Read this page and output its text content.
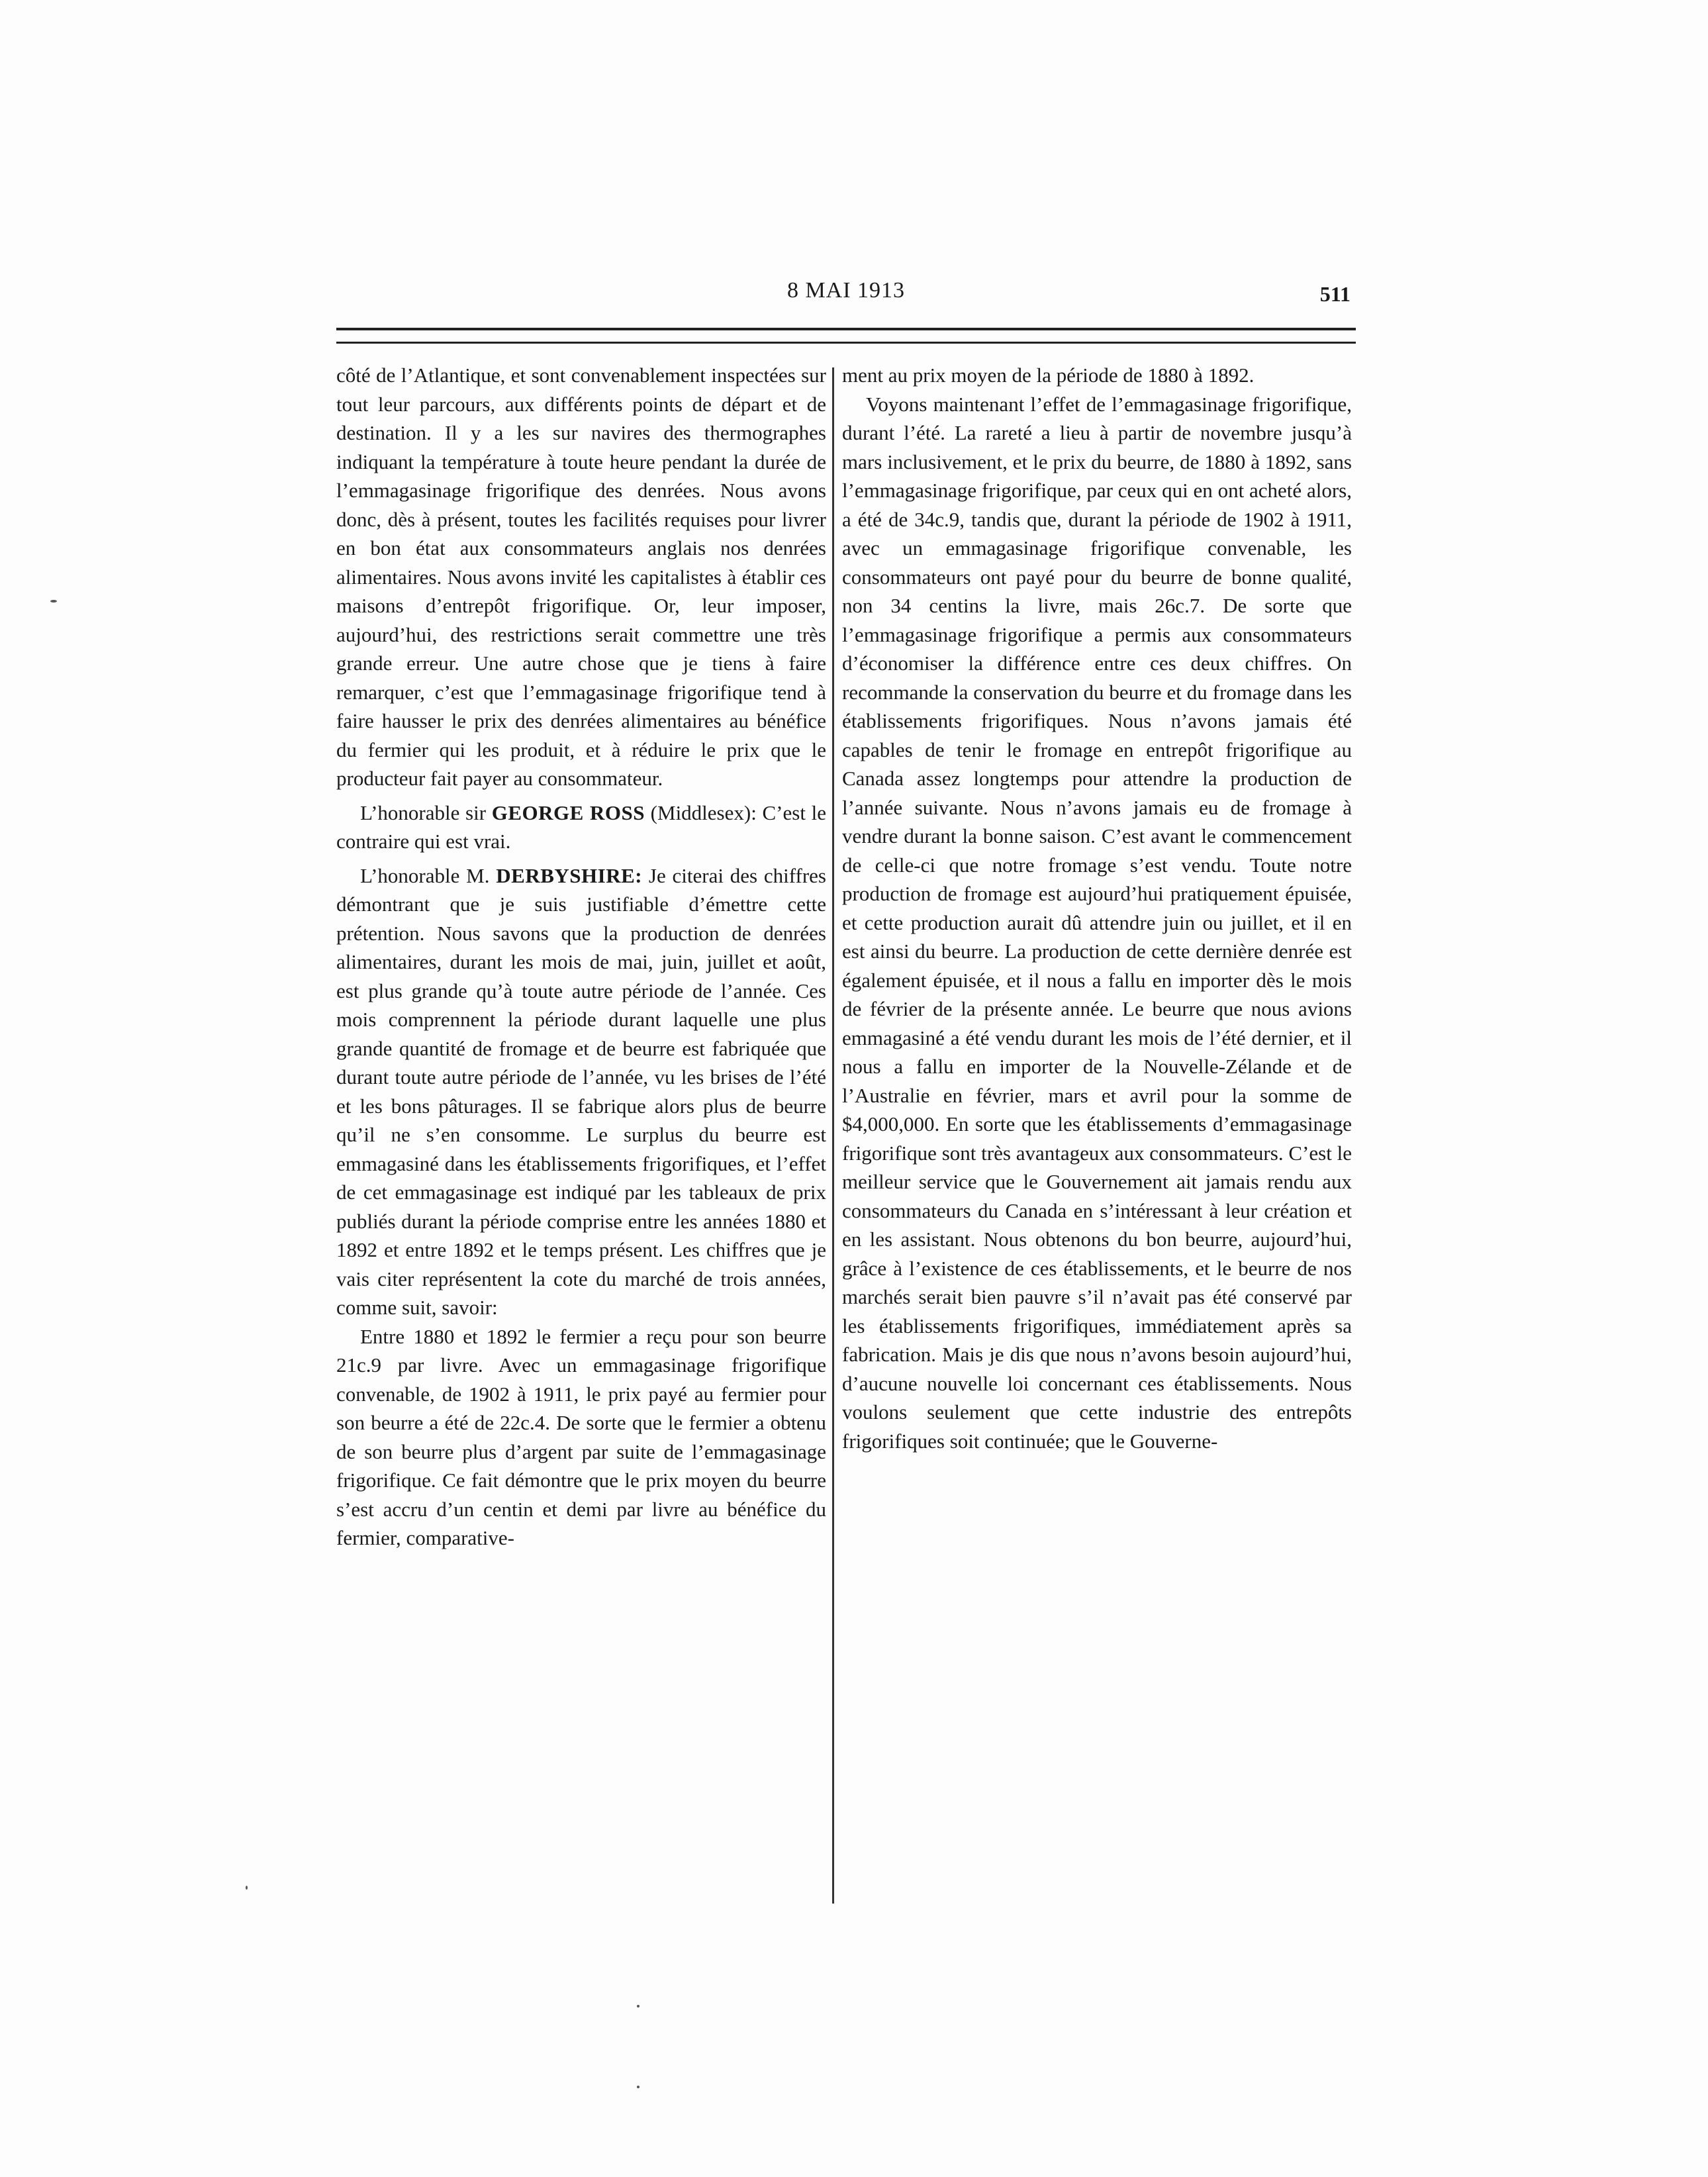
8 MAI 1913	511

côté de l’Atlantique, et sont convenablement inspectées sur tout leur parcours, aux différents points de départ et de destination. Il y a les sur navires des thermographes indiquant la température à toute heure pendant la durée de l’emmagasinage frigorifique des denrées. Nous avons donc, dès à présent, toutes les facilités requises pour livrer en bon état aux consommateurs anglais nos denrées alimentaires. Nous avons invité les capitalistes à établir ces maisons d’entrepôt frigorifique. Or, leur imposer, aujourd’hui, des restrictions serait commettre une très grande erreur. Une autre chose que je tiens à faire remarquer, c’est que l’emmagasinage frigorifique tend à faire hausser le prix des denrées alimentaires au bénéfice du fermier qui les produit, et à réduire le prix que le producteur fait payer au consommateur.

L’honorable sir GEORGE ROSS (Middlesex): C’est le contraire qui est vrai.

L’honorable M. DERBYSHIRE: Je citerai des chiffres démontrant que je suis justifiable d’émettre cette prétention. Nous savons que la production de denrées alimentaires, durant les mois de mai, juin, juillet et août, est plus grande qu’à toute autre période de l’année. Ces mois comprennent la période durant laquelle une plus grande quantité de fromage et de beurre est fabriquée que durant toute autre période de l’année, vu les brises de l’été et les bons pâturages. Il se fabrique alors plus de beurre qu’il ne s’en consomme. Le surplus du beurre est emmagasiné dans les établissements frigorifiques, et l’effet de cet emmagasinage est indiqué par les tableaux de prix publiés durant la période comprise entre les années 1880 et 1892 et entre 1892 et le temps présent. Les chiffres que je vais citer représentent la cote du marché de trois années, comme suit, savoir:

Entre 1880 et 1892 le fermier a reçu pour son beurre 21c.9 par livre. Avec un emmagasinage frigorifique convenable, de 1902 à 1911, le prix payé au fermier pour son beurre a été de 22c.4. De sorte que le fermier a obtenu de son beurre plus d’argent par suite de l’emmagasinage frigorifique. Ce fait démontre que le prix moyen du beurre s’est accru d’un centin et demi par livre au bénéfice du fermier, comparative-

ment au prix moyen de la période de 1880 à 1892.

Voyons maintenant l’effet de l’emmagasinage frigorifique, durant l’été. La rareté a lieu à partir de novembre jusqu’à mars inclusivement, et le prix du beurre, de 1880 à 1892, sans l’emmagasinage frigorifique, par ceux qui en ont acheté alors, a été de 34c.9, tandis que, durant la période de 1902 à 1911, avec un emmagasinage frigorifique convenable, les consommateurs ont payé pour du beurre de bonne qualité, non 34 centins la livre, mais 26c.7. De sorte que l’emmagasinage frigorifique a permis aux consommateurs d’économiser la différence entre ces deux chiffres. On recommande la conservation du beurre et du fromage dans les établissements frigorifiques. Nous n’avons jamais été capables de tenir le fromage en entrepôt frigorifique au Canada assez longtemps pour attendre la production de l’année suivante. Nous n’avons jamais eu de fromage à vendre durant la bonne saison. C’est avant le commencement de celle-ci que notre fromage s’est vendu. Toute notre production de fromage est aujourd’hui pratiquement épuisée, et cette production aurait dû attendre juin ou juillet, et il en est ainsi du beurre. La production de cette dernière denrée est également épuisée, et il nous a fallu en importer dès le mois de février de la présente année. Le beurre que nous avions emmagasiné a été vendu durant les mois de l’été dernier, et il nous a fallu en importer de la Nouvelle-Zélande et de l’Australie en février, mars et avril pour la somme de $4,000,000. En sorte que les établissements d’emmagasinage frigorifique sont très avantageux aux consommateurs. C’est le meilleur service que le Gouvernement ait jamais rendu aux consommateurs du Canada en s’intéressant à leur création et en les assistant. Nous obtenons du bon beurre, aujourd’hui, grâce à l’existence de ces établissements, et le beurre de nos marchés serait bien pauvre s’il n’avait pas été conservé par les établissements frigorifiques, immédiatement après sa fabrication. Mais je dis que nous n’avons besoin aujourd’hui, d’aucune nouvelle loi concernant ces établissements. Nous voulons seulement que cette industrie des entrepôts frigorifiques soit continuée; que le Gouverne-
